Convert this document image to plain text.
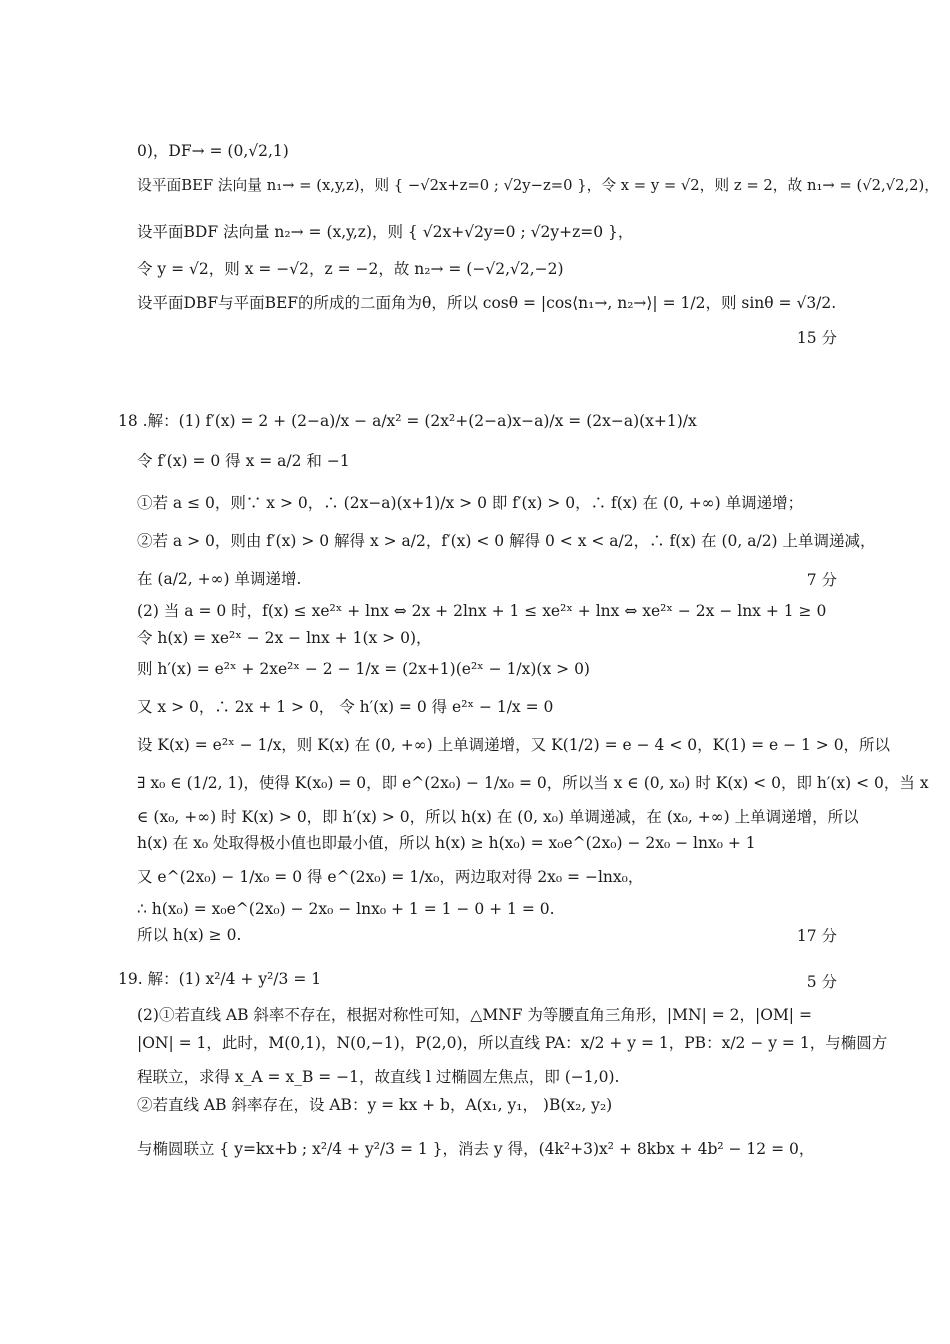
0)，DF→ = (0,√2,1)
设平面BEF 法向量 n₁→ = (x,y,z)，则 { −√2x+z=0 ; √2y−z=0 }，令 x = y = √2，则 z = 2，故 n₁→ = (√2,√2,2)，
设平面BDF 法向量 n₂→ = (x,y,z)，则 { √2x+√2y=0 ; √2y+z=0 }，
令 y = √2，则 x = −√2，z = −2，故 n₂→ = (−√2,√2,−2)
设平面DBF与平面BEF的所成的二面角为θ，所以 cosθ = |cos⟨n₁→, n₂→⟩| = 1/2，则 sinθ = √3/2.
15 分
18 .解：(1) f′(x) = 2 + (2−a)/x − a/x² = (2x²+(2−a)x−a)/x = (2x−a)(x+1)/x
令 f′(x) = 0 得 x = a/2 和 −1
①若 a ≤ 0，则∵ x > 0，∴ (2x−a)(x+1)/x > 0 即 f′(x) > 0，∴ f(x) 在 (0, +∞) 单调递增；
②若 a > 0，则由 f′(x) > 0 解得 x > a/2，f′(x) < 0 解得 0 < x < a/2，∴ f(x) 在 (0, a/2) 上单调递减，
在 (a/2, +∞) 单调递增.	7 分
(2) 当 a = 0 时，f(x) ≤ xe²ˣ + lnx ⇔ 2x + 2lnx + 1 ≤ xe²ˣ + lnx ⇔ xe²ˣ − 2x − lnx + 1 ≥ 0
令 h(x) = xe²ˣ − 2x − lnx + 1(x > 0)，
则 h′(x) = e²ˣ + 2xe²ˣ − 2 − 1/x = (2x+1)(e²ˣ − 1/x)(x > 0)
又 x > 0，∴ 2x + 1 > 0， 令 h′(x) = 0 得 e²ˣ − 1/x = 0
设 K(x) = e²ˣ − 1/x，则 K(x) 在 (0, +∞) 上单调递增，又 K(1/2) = e − 4 < 0，K(1) = e − 1 > 0，所以
∃ x₀ ∈ (1/2, 1)，使得 K(x₀) = 0，即 e^(2x₀) − 1/x₀ = 0，所以当 x ∈ (0, x₀) 时 K(x) < 0，即 h′(x) < 0，当 x
∈ (x₀, +∞) 时 K(x) > 0，即 h′(x) > 0，所以 h(x) 在 (0, x₀) 单调递减，在 (x₀, +∞) 上单调递增，所以
h(x) 在 x₀ 处取得极小值也即最小值，所以 h(x) ≥ h(x₀) = x₀e^(2x₀) − 2x₀ − lnx₀ + 1
又 e^(2x₀) − 1/x₀ = 0 得 e^(2x₀) = 1/x₀，两边取对得 2x₀ = −lnx₀，
∴ h(x₀) = x₀e^(2x₀) − 2x₀ − lnx₀ + 1 = 1 − 0 + 1 = 0.
所以 h(x) ≥ 0.	17 分
19. 解：(1) x²/4 + y²/3 = 1	5 分
(2)①若直线 AB 斜率不存在，根据对称性可知，△MNF 为等腰直角三角形，|MN| = 2，|OM| =
|ON| = 1，此时，M(0,1)，N(0,−1)，P(2,0)，所以直线 PA：x/2 + y = 1，PB：x/2 − y = 1，与椭圆方
程联立，求得 x_A = x_B = −1，故直线 l 过椭圆左焦点，即 (−1,0).
②若直线 AB 斜率存在，设 AB：y = kx + b，A(x₁, y₁， )B(x₂, y₂)
与椭圆联立 { y=kx+b ; x²/4 + y²/3 = 1 }，消去 y 得，(4k²+3)x² + 8kbx + 4b² − 12 = 0，
